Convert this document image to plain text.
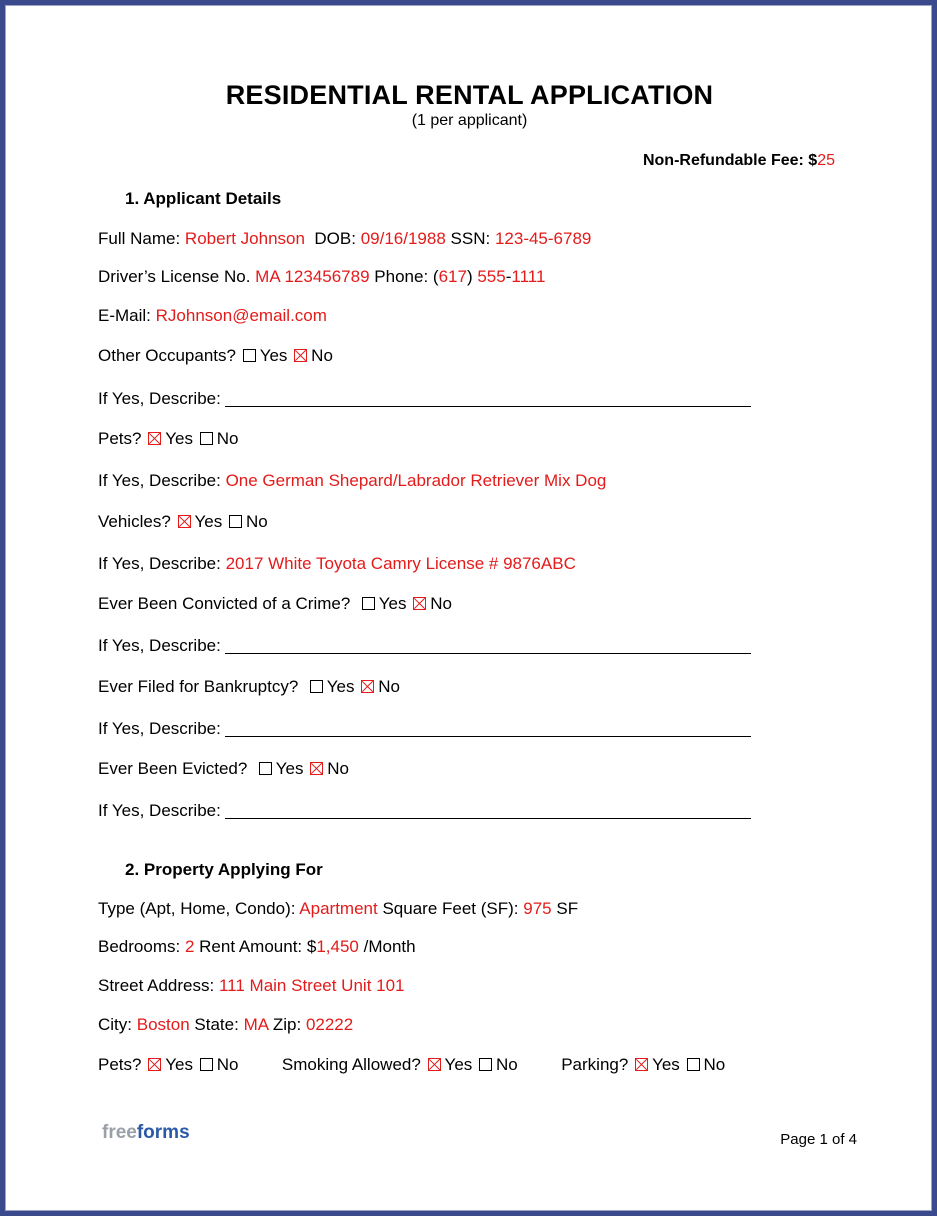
RESIDENTIAL RENTAL APPLICATION
(1 per applicant)
Non-Refundable Fee: $25
1. Applicant Details
Full Name: Robert Johnson DOB: 09/16/1988 SSN: 123-45-6789
Driver’s License No. MA 123456789 Phone: (617) 555-1111
E-Mail: RJohnson@email.com
Other Occupants? Yes No
If Yes, Describe:
Pets? Yes No
If Yes, Describe: One German Shepard/Labrador Retriever Mix Dog
Vehicles? Yes No
If Yes, Describe: 2017 White Toyota Camry License # 9876ABC
Ever Been Convicted of a Crime? Yes No
If Yes, Describe:
Ever Filed for Bankruptcy? Yes No
If Yes, Describe:
Ever Been Evicted? Yes No
If Yes, Describe:
2. Property Applying For
Type (Apt, Home, Condo): Apartment Square Feet (SF): 975 SF
Bedrooms: 2 Rent Amount: $1,450 /Month
Street Address: 111 Main Street Unit 101
City: Boston State: MA Zip: 02222
Pets? Yes No	Smoking Allowed? Yes No	Parking? Yes No
freeforms	Page 1 of 4
